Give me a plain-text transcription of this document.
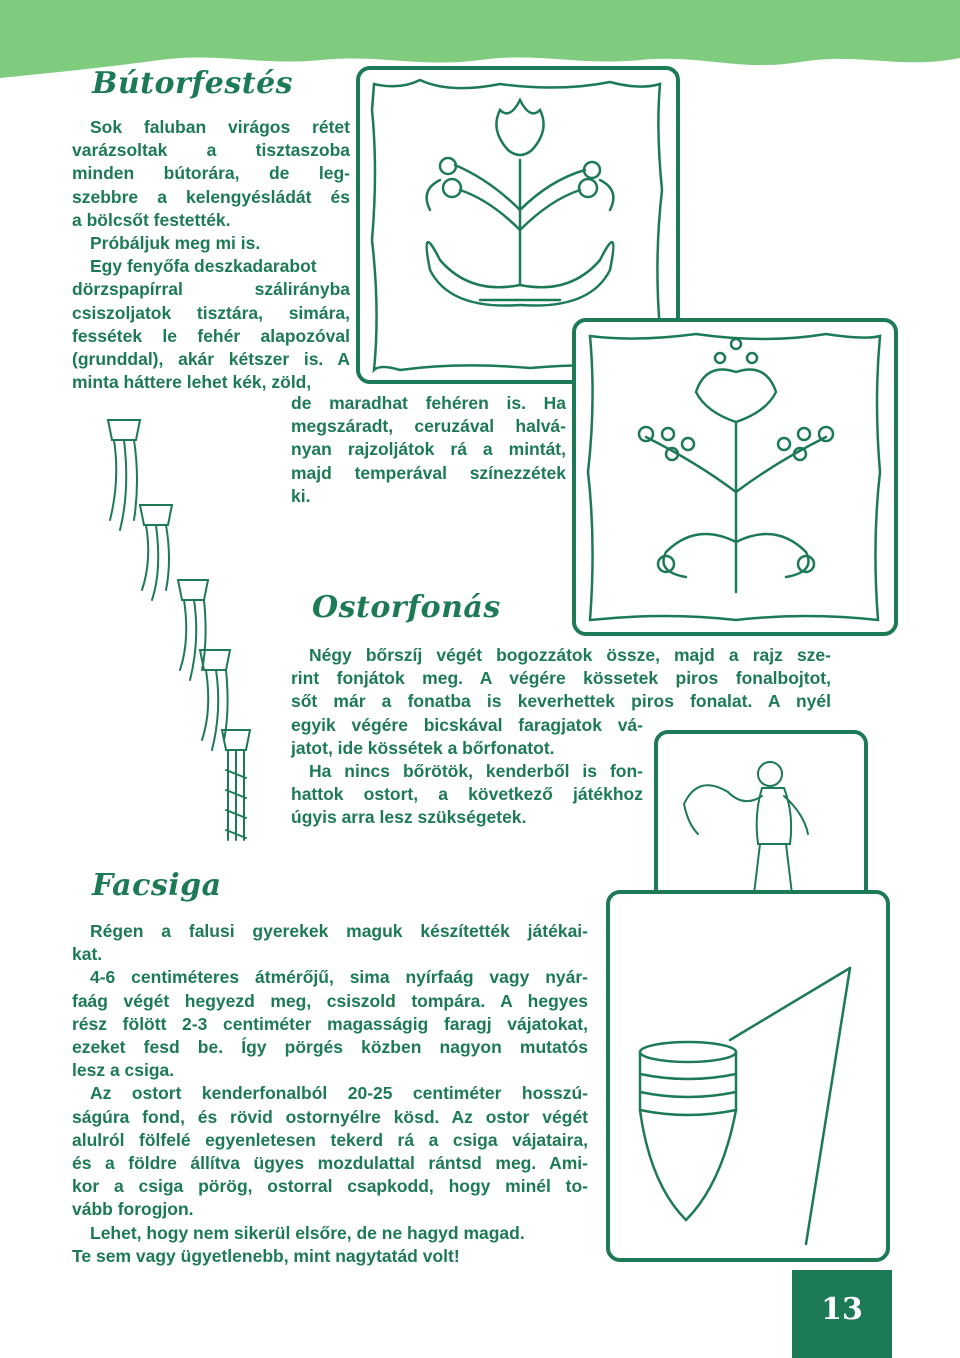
Bútorfestés

Sok faluban virágos rétet

varázsoltak a tisztaszoba

minden bútorára, de leg-

szebbre a kelengyésládát és

a bölcsőt festették.

Próbáljuk meg mi is.

Egy fenyőfa deszkadarabot

dörzspapírral szálirányba

csiszoljatok tisztára, simára,

fessétek le fehér alapozóval

(grunddal), akár kétszer is. A

minta háttere lehet kék, zöld,

de maradhat fehéren is. Ha

megszáradt, ceruzával halvá-

nyan rajzoljátok rá a mintát,

majd temperával színezzétek

ki.

Ostorfonás

Négy bőrszíj végét bogozzátok össze, majd a rajz sze-

rint fonjátok meg. A végére kössetek piros fonalbojtot,

sőt már a fonatba is keverhettek piros fonalat. A nyél

egyik végére bicskával faragjatok vá-

jatot, ide kössétek a bőrfonatot.

Ha nincs bőrötök, kenderből is fon-

hattok ostort, a következő játékhoz

úgyis arra lesz szükségetek.

Facsiga

Régen a falusi gyerekek maguk készítették játékai-

kat.

4-6 centiméteres átmérőjű, sima nyírfaág vagy nyár-

faág végét hegyezd meg, csiszold tompára. A hegyes

rész fölött 2-3 centiméter magasságig faragj vájatokat,

ezeket fesd be. Így pörgés közben nagyon mutatós

lesz a csiga.

Az ostort kenderfonalból 20-25 centiméter hosszú-

ságúra fond, és rövid ostornyélre kösd. Az ostor végét

alulról fölfelé egyenletesen tekerd rá a csiga vájataira,

és a földre állítva ügyes mozdulattal rántsd meg. Ami-

kor a csiga pörög, ostorral csapkodd, hogy minél to-

vább forogjon.

Lehet, hogy nem sikerül elsőre, de ne hagyd magad.

Te sem vagy ügyetlenebb, mint nagytatád volt!

13
